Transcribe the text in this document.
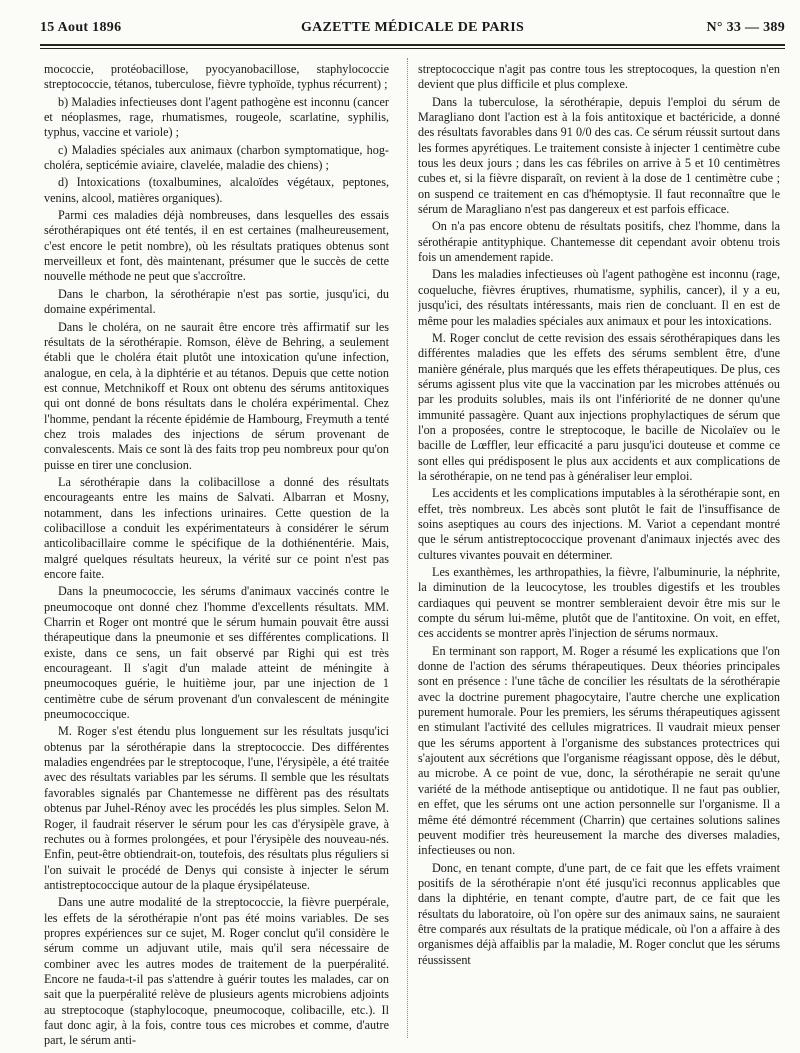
15 Aout 1896	GAZETTE MÉDICALE DE PARIS	N° 33 — 389

mococcie, protéobacillose, pyocyanobacillose, staphylococcie streptococcie, tétanos, tuberculose, fièvre typhoïde, typhus récurrent) ;

b) Maladies infectieuses dont l'agent pathogène est inconnu (cancer et néoplasmes, rage, rhumatismes, rougeole, scarlatine, syphilis, typhus, vaccine et variole) ;

c) Maladies spéciales aux animaux (charbon symptomatique, hog-choléra, septicémie aviaire, clavelée, maladie des chiens) ;

d) Intoxications (toxalbumines, alcaloïdes végétaux, peptones, venins, alcool, matières organiques).

Parmi ces maladies déjà nombreuses, dans lesquelles des essais sérothérapiques ont été tentés, il en est certaines (malheureusement, c'est encore le petit nombre), où les résultats pratiques obtenus sont merveilleux et font, dès maintenant, présumer que le succès de cette nouvelle méthode ne peut que s'accroître.

Dans le charbon, la sérothérapie n'est pas sortie, jusqu'ici, du domaine expérimental.

Dans le choléra, on ne saurait être encore très affirmatif sur les résultats de la sérothérapie. Romson, élève de Behring, a seulement établi que le choléra était plutôt une intoxication qu'une infection, analogue, en cela, à la diphtérie et au tétanos. Depuis que cette notion est connue, Metchnikoff et Roux ont obtenu des sérums antitoxiques qui ont donné de bons résultats dans le choléra expérimental. Chez l'homme, pendant la récente épidémie de Hambourg, Freymuth a tenté chez trois malades des injections de sérum provenant de convalescents. Mais ce sont là des faits trop peu nombreux pour qu'on puisse en tirer une conclusion.

La sérothérapie dans la colibacillose a donné des résultats encourageants entre les mains de Salvati. Albarran et Mosny, notamment, dans les infections urinaires. Cette question de la colibacillose a conduit les expérimentateurs à considérer le sérum anticolibacillaire comme le spécifique de la dothiénentérie. Mais, malgré quelques résultats heureux, la vérité sur ce point n'est pas encore faite.

Dans la pneumococcie, les sérums d'animaux vaccinés contre le pneumocoque ont donné chez l'homme d'excellents résultats. MM. Charrin et Roger ont montré que le sérum humain pouvait être aussi thérapeutique dans la pneumonie et ses différentes complications. Il existe, dans ce sens, un fait observé par Righi qui est très encourageant. Il s'agit d'un malade atteint de méningite à pneumocoques guérie, le huitième jour, par une injection de 1 centimètre cube de sérum provenant d'un convalescent de méningite pneumococcique.

M. Roger s'est étendu plus longuement sur les résultats jusqu'ici obtenus par la sérothérapie dans la streptococcie. Des différentes maladies engendrées par le streptocoque, l'une, l'érysipèle, a été traitée avec des résultats variables par les sérums. Il semble que les résultats favorables signalés par Chantemesse ne diffèrent pas des résultats obtenus par Juhel-Rénoy avec les procédés les plus simples. Selon M. Roger, il faudrait réserver le sérum pour les cas d'érysipèle grave, à rechutes ou à formes prolongées, et pour l'érysipèle des nouveau-nés. Enfin, peut-être obtiendrait-on, toutefois, des résultats plus réguliers si l'on suivait le procédé de Denys qui consiste à injecter le sérum antistreptococcique autour de la plaque érysipélateuse.

Dans une autre modalité de la streptococcie, la fièvre puerpérale, les effets de la sérothérapie n'ont pas été moins variables. De ses propres expériences sur ce sujet, M. Roger conclut qu'il considère le sérum comme un adjuvant utile, mais qu'il sera nécessaire de combiner avec les autres modes de traitement de la puerpéralité. Encore ne fauda-t-il pas s'attendre à guérir toutes les malades, car on sait que la puerpéralité relève de plusieurs agents microbiens adjoints au streptocoque (staphylocoque, pneumocoque, colibacille, etc.). Il faut donc agir, à la fois, contre tous ces microbes et comme, d'autre part, le sérum anti-

streptococcique n'agit pas contre tous les streptocoques, la question n'en devient que plus difficile et plus complexe.

Dans la tuberculose, la sérothérapie, depuis l'emploi du sérum de Maragliano dont l'action est à la fois antitoxique et bactéricide, a donné des résultats favorables dans 91 0/0 des cas. Ce sérum réussit surtout dans les formes apyrétiques. Le traitement consiste à injecter 1 centimètre cube tous les deux jours ; dans les cas fébriles on arrive à 5 et 10 centimètres cubes et, si la fièvre disparaît, on revient à la dose de 1 centimètre cube ; on suspend ce traitement en cas d'hémoptysie. Il faut reconnaître que le sérum de Maragliano n'est pas dangereux et est parfois efficace.

On n'a pas encore obtenu de résultats positifs, chez l'homme, dans la sérothérapie antityphique. Chantemesse dit cependant avoir obtenu trois fois un amendement rapide.

Dans les maladies infectieuses où l'agent pathogène est inconnu (rage, coqueluche, fièvres éruptives, rhumatisme, syphilis, cancer), il y a eu, jusqu'ici, des résultats intéressants, mais rien de concluant. Il en est de même pour les maladies spéciales aux animaux et pour les intoxications.

M. Roger conclut de cette revision des essais sérothérapiques dans les différentes maladies que les effets des sérums semblent être, d'une manière générale, plus marqués que les effets thérapeutiques. De plus, ces sérums agissent plus vite que la vaccination par les microbes atténués ou par les produits solubles, mais ils ont l'infériorité de ne donner qu'une immunité passagère. Quant aux injections prophylactiques de sérum que l'on a proposées, contre le streptocoque, le bacille de Nicolaïev ou le bacille de Lœffler, leur efficacité a paru jusqu'ici douteuse et comme ce sont elles qui prédisposent le plus aux accidents et aux complications de la sérothérapie, on ne tend pas à généraliser leur emploi.

Les accidents et les complications imputables à la sérothérapie sont, en effet, très nombreux. Les abcès sont plutôt le fait de l'insuffisance de soins aseptiques au cours des injections. M. Variot a cependant montré que le sérum antistreptococcique provenant d'animaux injectés avec des cultures vivantes pouvait en déterminer.

Les exanthèmes, les arthropathies, la fièvre, l'albuminurie, la néphrite, la diminution de la leucocytose, les troubles digestifs et les troubles cardiaques qui peuvent se montrer sembleraient devoir être mis sur le compte du sérum lui-même, plutôt que de l'antitoxine. On voit, en effet, ces accidents se montrer après l'injection de sérums normaux.

En terminant son rapport, M. Roger a résumé les explications que l'on donne de l'action des sérums thérapeutiques. Deux théories principales sont en présence : l'une tâche de concilier les résultats de la sérothérapie avec la doctrine purement phagocytaire, l'autre cherche une explication purement humorale. Pour les premiers, les sérums thérapeutiques agissent en stimulant l'activité des cellules migratrices. Il vaudrait mieux penser que les sérums apportent à l'organisme des substances protectrices qui s'ajoutent aux sécrétions que l'organisme réagissant oppose, dès le début, au microbe. A ce point de vue, donc, la sérothérapie ne serait qu'une variété de la méthode antiseptique ou antidotique. Il ne faut pas oublier, en effet, que les sérums ont une action personnelle sur l'organisme. Il a même été démontré récemment (Charrin) que certaines solutions salines peuvent modifier très heureusement la marche des diverses maladies, infectieuses ou non.

Donc, en tenant compte, d'une part, de ce fait que les effets vraiment positifs de la sérothérapie n'ont été jusqu'ici reconnus applicables que dans la diphtérie, en tenant compte, d'autre part, de ce fait que les résultats du laboratoire, où l'on opère sur des animaux sains, ne sauraient être comparés aux résultats de la pratique médicale, où l'on a affaire à des organismes déjà affaiblis par la maladie, M. Roger conclut que les sérums réussissent
